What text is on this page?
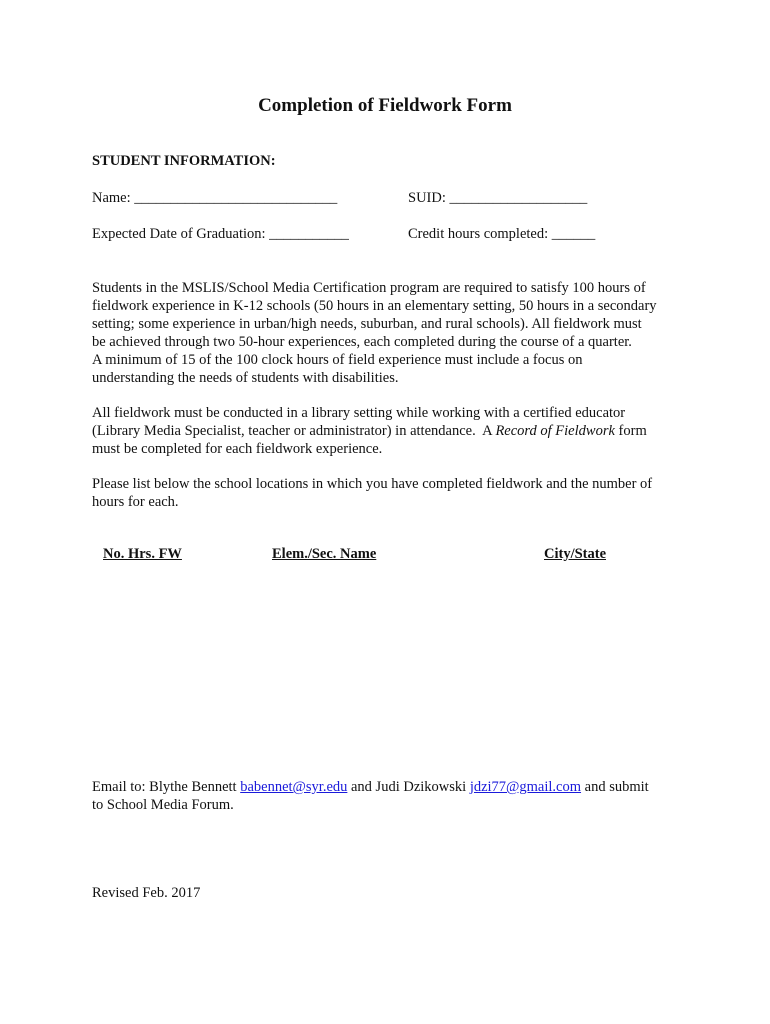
Completion of Fieldwork Form

STUDENT INFORMATION:

Name: ____________________________	SUID: ___________________

Expected Date of Graduation: ___________	Credit hours completed: ______

Students in the MSLIS/School Media Certification program are required to satisfy 100 hours of
fieldwork experience in K-12 schools (50 hours in an elementary setting, 50 hours in a secondary
setting; some experience in urban/high needs, suburban, and rural schools). All fieldwork must
be achieved through two 50-hour experiences, each completed during the course of a quarter.
A minimum of 15 of the 100 clock hours of field experience must include a focus on
understanding the needs of students with disabilities.
All fieldwork must be conducted in a library setting while working with a certified educator
(Library Media Specialist, teacher or administrator) in attendance.  A Record of Fieldwork form
must be completed for each fieldwork experience.
Please list below the school locations in which you have completed fieldwork and the number of
hours for each.

No. Hrs. FW	Elem./Sec. Name	City/State

Email to: Blythe Bennett babennet@syr.edu and Judi Dzikowski jdzi77@gmail.com and submit
to School Media Forum.

Revised Feb. 2017
